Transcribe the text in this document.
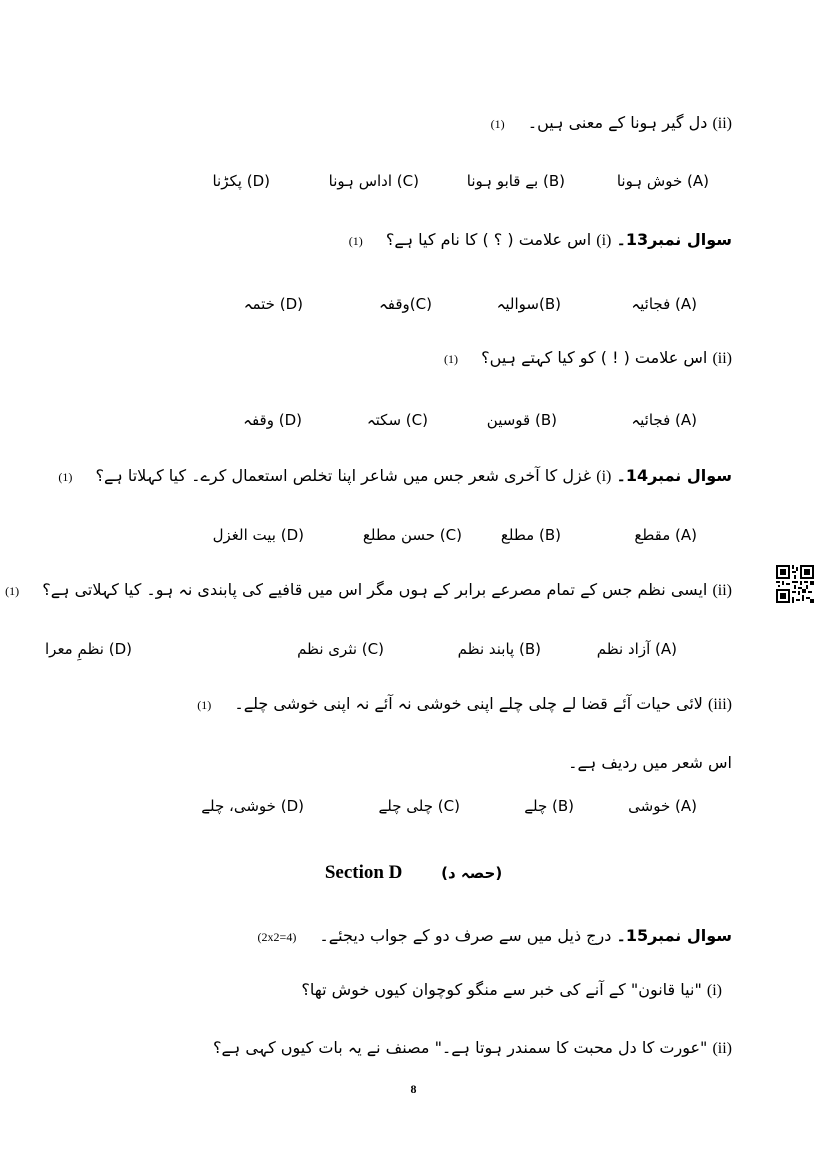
(ii) دل گیر ہونا کے معنی ہیں۔ (1)
(A) خوش ہونا
(B) بے قابو ہونا
(C) اداس ہونا
(D) پکڑنا
سوال نمبر13۔ (i) اس علامت ( ؟ ) کا نام کیا ہے؟ (1)
(A) فجائیہ
(B)سوالیہ
(C)وقفہ
(D) ختمہ
(ii) اس علامت ( ! ) کو کیا کہتے ہیں؟ (1)
(A) فجائیہ
(B) قوسین
(C) سکتہ
(D) وقفہ
سوال نمبر14۔ (i) غزل کا آخری شعر جس میں شاعر اپنا تخلص استعمال کرے۔ کیا کہلاتا ہے؟ (1)
(A) مقطع
(B) مطلع
(C) حسن مطلع
(D) بیت الغزل
(ii) ایسی نظم جس کے تمام مصرعے برابر کے ہوں مگر اس میں قافیے کی پابندی نہ ہو۔ کیا کہلاتی ہے؟ (1)
(A) آزاد نظم
(B) پابند نظم
(C) نثری نظم
(D) نظمِ معرا
(iii) لائی حیات آئے قضا لے چلی چلے اپنی خوشی نہ آئے نہ اپنی خوشی چلے۔ (1)
اس شعر میں ردیف ہے۔
(A) خوشی
(B) چلے
(C) چلی چلے
(D) خوشی، چلے
Section D	(حصہ د)
سوال نمبر15۔ درج ذیل میں سے صرف دو کے جواب دیجئے۔ (2x2=4)
(i) "نیا قانون" کے آنے کی خبر سے منگو کوچوان کیوں خوش تھا؟
(ii) "عورت کا دل محبت کا سمندر ہوتا ہے۔" مصنف نے یہ بات کیوں کہی ہے؟
8
